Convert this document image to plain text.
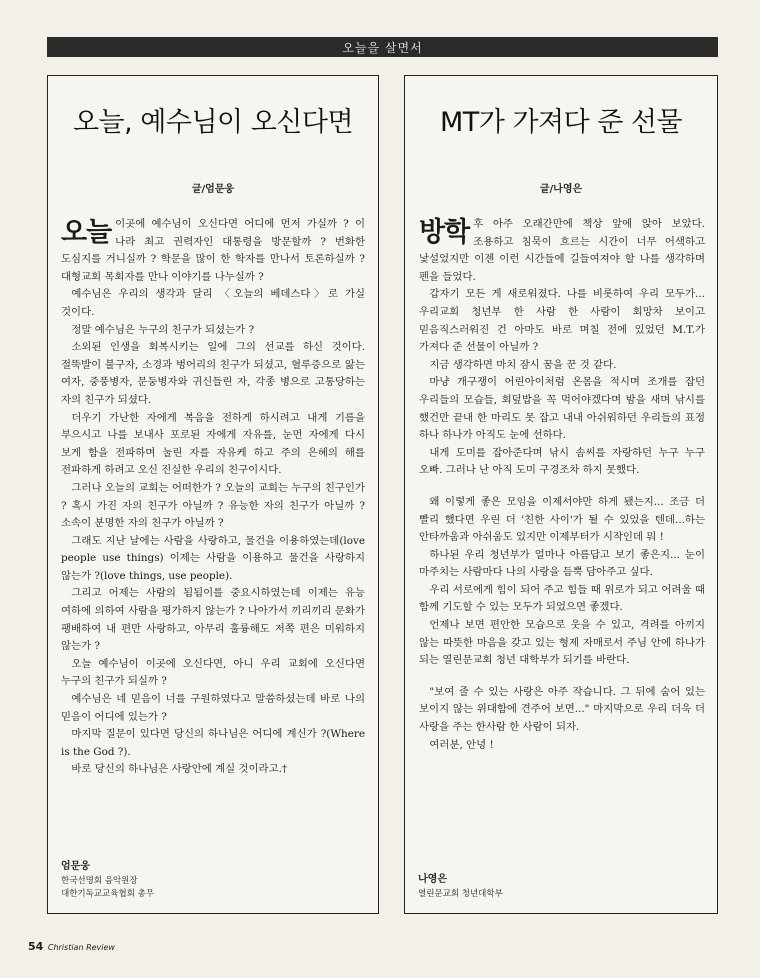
오늘을 살면서
오늘, 예수님이 오신다면
글/엄문웅

오늘 이곳에 예수님이 오신다면 어디에 먼저 가실까 ? 이 나라 최고 권력자인 대통령을 방문할까 ? 번화한 도심지를 거니실까 ? 학문을 많이 한 학자를 만나서 토론하실까 ? 대형교회 목회자를 만나 이야기를 나누실까 ?

예수님은 우리의 생각과 달리 〈오늘의 베데스다〉로 가실 것이다.

정말 예수님은 누구의 친구가 되셨는가 ?

소외된 인생을 회복시키는 일에 그의 선교를 하신 것이다. 절뚝발이 불구자, 소경과 벙어리의 친구가 되셨고, 혈루증으로 앓는 여자, 중풍병자, 문둥병자와 귀신들린 자, 각종 병으로 고통당하는 자의 친구가 되셨다.

더우기 가난한 자에게 복음을 전하게 하시려고 내게 기름을 부으시고 나를 보내사 포로된 자에게 자유를, 눈먼 자에게 다시 보게 함을 전파하며 눌린 자를 자유케 하고 주의 은혜의 해를 전파하게 하려고 오신 진실한 우리의 친구이시다.

그러나 오늘의 교회는 어떠한가 ? 오늘의 교회는 누구의 친구인가 ? 혹시 가진 자의 친구가 아닐까 ? 유능한 자의 친구가 아닐까 ? 소속이 분명한 자의 친구가 아닐까 ?

그래도 지난 날에는 사람을 사랑하고, 물건을 이용하였는데(love people use things) 이제는 사람을 이용하고 물건을 사랑하지 않는가 ?(love things, use people).

그리고 어제는 사람의 됨됨이를 중요시하였는데 이제는 유능 여하에 의하여 사람을 평가하지 않는가 ? 나아가서 끼리끼리 문화가 팽배하여 내 편만 사랑하고, 아무리 훌륭해도 저쪽 편은 미워하지 않는가 ?

오늘 예수님이 이곳에 오신다면, 아니 우리 교회에 오신다면 누구의 친구가 되실까 ?

예수님은 네 믿음이 너를 구원하였다고 말씀하셨는데 바로 나의 믿음이 어디에 있는가 ?

마지막 질문이 있다면 당신의 하나님은 어디에 계신가 ?(Where is the God ?).

바로 당신의 하나님은 사랑안에 계실 것이라고.†

엄문웅
한국선명회 음악원장
대한기독교교육협회 총무
MT가 가져다 준 선물
글/나영은

방학 후 아주 오래간만에 책상 앞에 앉아 보았다. 조용하고 침묵이 흐르는 시간이 너무 어색하고 낯설었지만 이젠 이런 시간들에 길들여져야 할 나를 생각하며 펜을 들었다.

갑자기 모든 게 새로워졌다. 나를 비롯하여 우리 모두가... 우리교회 청년부 한 사람 한 사람이 회망차 보이고 믿음직스러워진 건 아마도 바로 며칠 전에 있었던 M.T.가 가져다 준 선물이 아닐까 ?

지금 생각하면 마치 잠시 꿈을 꾼 것 같다.

마냥 개구쟁이 어린아이처럼 온몸을 적시며 조개를 잡던 우리들의 모습들, 회덮밥을 꼭 먹어야겠다며 밤을 새며 낚시를 했건만 끝내 한 마리도 못 잡고 내내 아쉬워하던 우리들의 표정 하나 하나가 아직도 눈에 선하다.

내게 도미를 잡아준다며 낚시 솜씨를 자랑하던 누구 누구 오빠. 그러나 난 아직 도미 구경조차 하지 못했다.

왜 이렇게 좋은 모임을 이제서야만 하게 됐는지... 조금 더 빨리 했다면 우린 더 '친한 사이'가 될 수 있었을 텐데...하는 안타까움과 아쉬움도 있지만 이제부터가 시작인데 뭐 !

하나된 우리 청년부가 얼마나 아름답고 보기 좋은지... 눈이 마주치는 사람마다 나의 사랑을 듬뿍 담아주고 싶다.

우리 서로에게 힘이 되어 주고 힘들 때 위로가 되고 어려울 때 함께 기도할 수 있는 모두가 되었으면 좋겠다.

언제나 보면 편안한 모습으로 웃을 수 있고, 격려를 아끼지 않는 따뜻한 마음을 갖고 있는 형제 자매로서 주님 안에 하나가 되는 열린문교회 청년 대학부가 되기를 바란다.

"보여 줄 수 있는 사랑은 아주 작습니다. 그 뒤에 숨어 있는 보이지 않는 위대함에 견주어 보면..." 마지막으로 우리 더욱 더 사랑을 주는 한사람 한 사람이 되자.

여러분, 안녕 !

나영은
열린문교회 청년대학부
54 Christian Review
